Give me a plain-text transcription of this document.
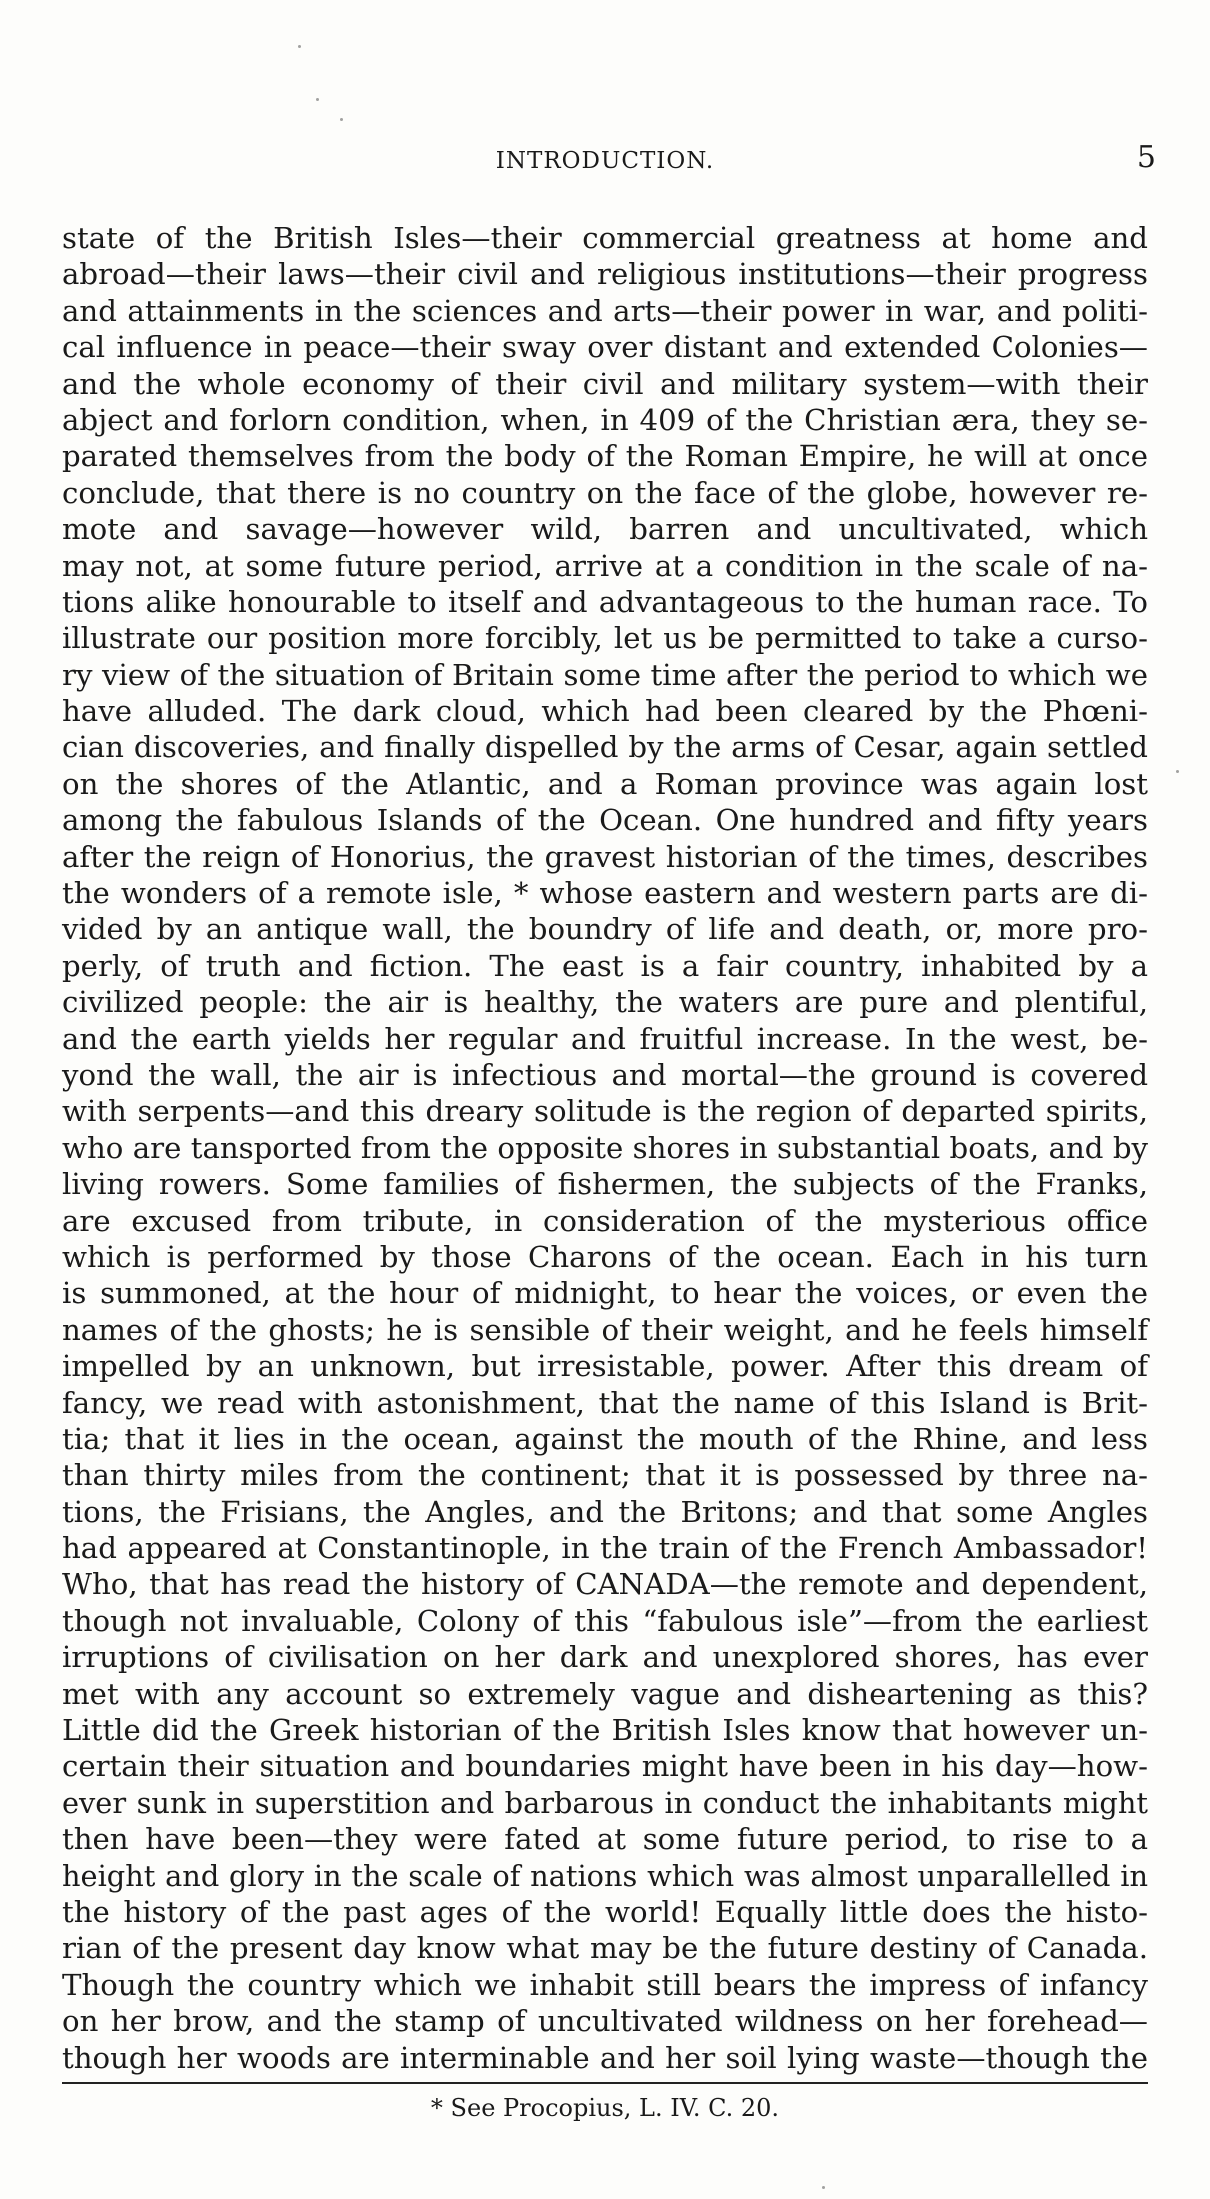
INTRODUCTION.	5
state of the British Isles—their commercial greatness at home and
abroad—their laws—their civil and religious institutions—their progress
and attainments in the sciences and arts—their power in war, and politi-
cal influence in peace—their sway over distant and extended Colonies—
and the whole economy of their civil and military system—with their
abject and forlorn condition, when, in 409 of the Christian æra, they se-
parated themselves from the body of the Roman Empire, he will at once
conclude, that there is no country on the face of the globe, however re-
mote and savage—however wild, barren and uncultivated, which
may not, at some future period, arrive at a condition in the scale of na-
tions alike honourable to itself and advantageous to the human race. To
illustrate our position more forcibly, let us be permitted to take a curso-
ry view of the situation of Britain some time after the period to which we
have alluded. The dark cloud, which had been cleared by the Phœni-
cian discoveries, and finally dispelled by the arms of Cesar, again settled
on the shores of the Atlantic, and a Roman province was again lost
among the fabulous Islands of the Ocean. One hundred and fifty years
after the reign of Honorius, the gravest historian of the times, describes
the wonders of a remote isle, * whose eastern and western parts are di-
vided by an antique wall, the boundry of life and death, or, more pro-
perly, of truth and fiction. The east is a fair country, inhabited by a
civilized people: the air is healthy, the waters are pure and plentiful,
and the earth yields her regular and fruitful increase. In the west, be-
yond the wall, the air is infectious and mortal—the ground is covered
with serpents—and this dreary solitude is the region of departed spirits,
who are tansported from the opposite shores in substantial boats, and by
living rowers. Some families of fishermen, the subjects of the Franks,
are excused from tribute, in consideration of the mysterious office
which is performed by those Charons of the ocean. Each in his turn
is summoned, at the hour of midnight, to hear the voices, or even the
names of the ghosts; he is sensible of their weight, and he feels himself
impelled by an unknown, but irresistable, power. After this dream of
fancy, we read with astonishment, that the name of this Island is Brit-
tia; that it lies in the ocean, against the mouth of the Rhine, and less
than thirty miles from the continent; that it is possessed by three na-
tions, the Frisians, the Angles, and the Britons; and that some Angles
had appeared at Constantinople, in the train of the French Ambassador!
Who, that has read the history of CANADA—the remote and dependent,
though not invaluable, Colony of this “fabulous isle”—from the earliest
irruptions of civilisation on her dark and unexplored shores, has ever
met with any account so extremely vague and disheartening as this?
Little did the Greek historian of the British Isles know that however un-
certain their situation and boundaries might have been in his day—how-
ever sunk in superstition and barbarous in conduct the inhabitants might
then have been—they were fated at some future period, to rise to a
height and glory in the scale of nations which was almost unparallelled in
the history of the past ages of the world! Equally little does the histo-
rian of the present day know what may be the future destiny of Canada.
Though the country which we inhabit still bears the impress of infancy
on her brow, and the stamp of uncultivated wildness on her forehead—
though her woods are interminable and her soil lying waste—though the
* See Procopius, L. IV. C. 20.
